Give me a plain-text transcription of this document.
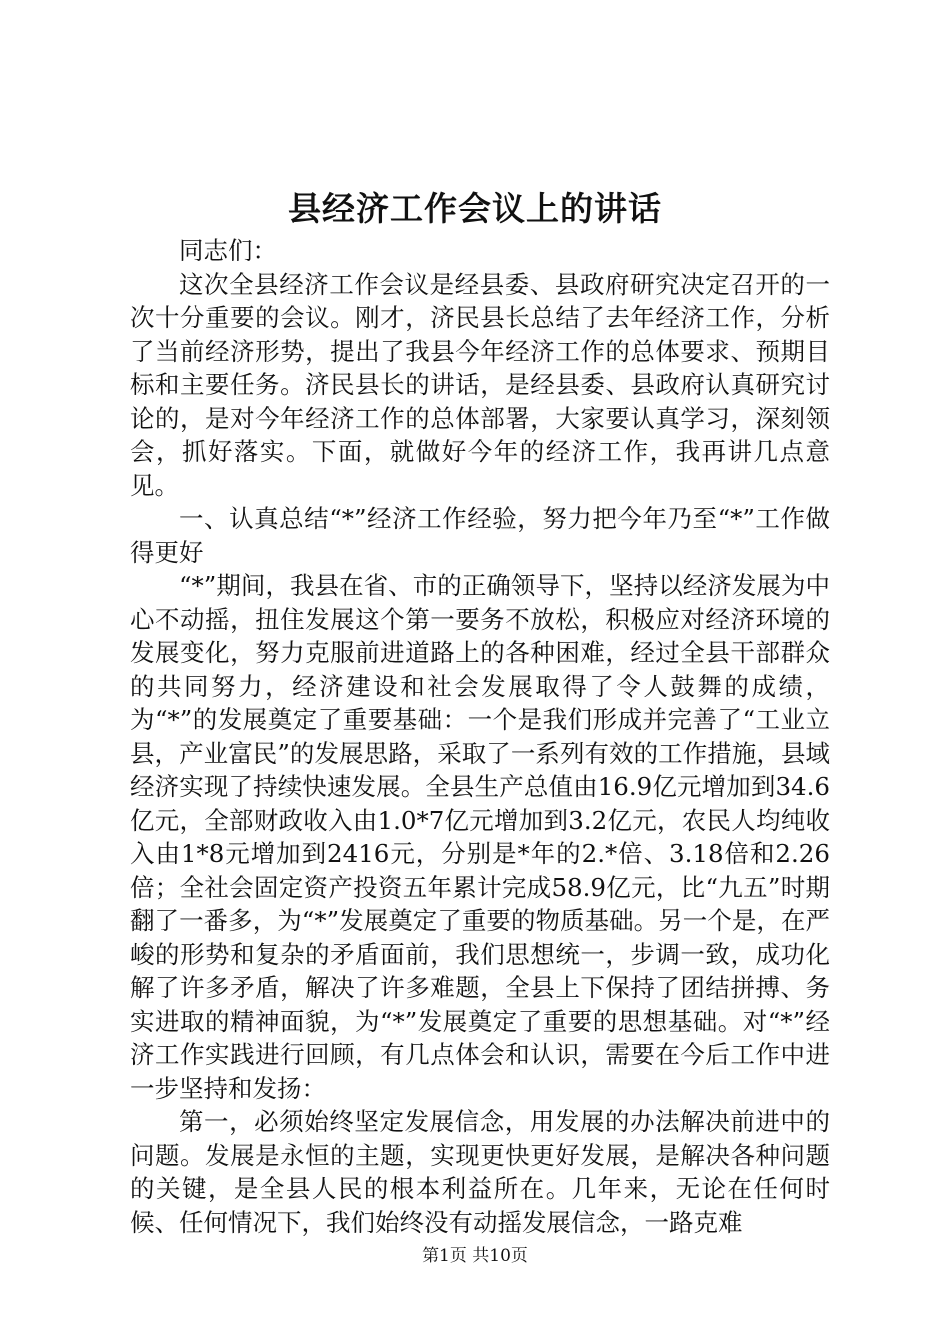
县经济工作会议上的讲话

同志们：

这次全县经济工作会议是经县委、县政府研究决定召开的一次十分重要的会议。刚才，济民县长总结了去年经济工作，分析了当前经济形势，提出了我县今年经济工作的总体要求、预期目标和主要任务。济民县长的讲话，是经县委、县政府认真研究讨论的，是对今年经济工作的总体部署，大家要认真学习，深刻领会，抓好落实。下面，就做好今年的经济工作，我再讲几点意见。

一、认真总结“*”经济工作经验，努力把今年乃至“*”工作做得更好

“*”期间，我县在省、市的正确领导下，坚持以经济发展为中心不动摇，扭住发展这个第一要务不放松，积极应对经济环境的发展变化，努力克服前进道路上的各种困难，经过全县干部群众的共同努力，经济建设和社会发展取得了令人鼓舞的成绩，为“*”的发展奠定了重要基础：一个是我们形成并完善了“工业立县，产业富民”的发展思路，采取了一系列有效的工作措施，县域经济实现了持续快速发展。全县生产总值由16.9亿元增加到34.6亿元，全部财政收入由1.0*7亿元增加到3.2亿元，农民人均纯收入由1*8元增加到2416元，分别是*年的2.*倍、3.18倍和2.26倍；全社会固定资产投资五年累计完成58.9亿元，比“九五”时期翻了一番多，为“*”发展奠定了重要的物质基础。另一个是，在严峻的形势和复杂的矛盾面前，我们思想统一，步调一致，成功化解了许多矛盾，解决了许多难题，全县上下保持了团结拼搏、务实进取的精神面貌，为“*”发展奠定了重要的思想基础。对“*”经济工作实践进行回顾，有几点体会和认识，需要在今后工作中进一步坚持和发扬：

第一，必须始终坚定发展信念，用发展的办法解决前进中的问题。发展是永恒的主题，实现更快更好发展，是解决各种问题的关键，是全县人民的根本利益所在。几年来，无论在任何时候、任何情况下，我们始终没有动摇发展信念，一路克难

第1页 共10页
